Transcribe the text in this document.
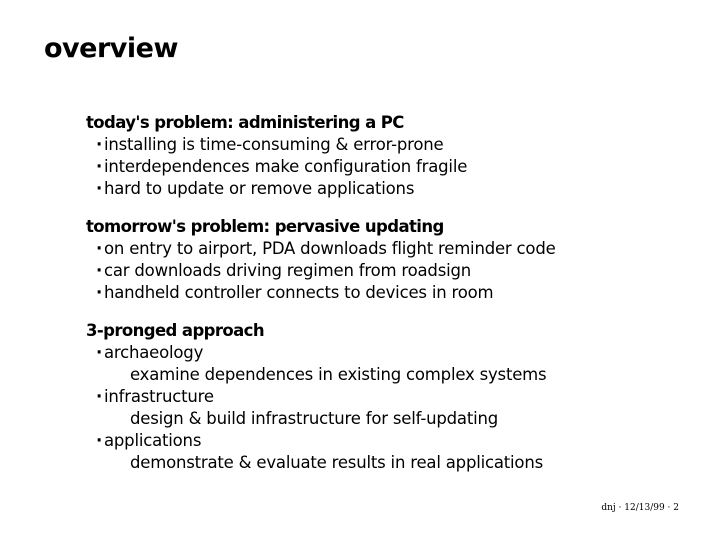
overview
today's problem: administering a PC
· installing is time-consuming & error-prone
· interdependences make configuration fragile
· hard to update or remove applications
tomorrow's problem: pervasive updating
· on entry to airport, PDA downloads flight reminder code
· car downloads driving regimen from roadsign
· handheld controller connects to devices in room
3-pronged approach
· archaeology
examine dependences in existing complex systems
· infrastructure
design & build infrastructure for self-updating
· applications
demonstrate & evaluate results in real applications
dnj · 12/13/99 · 2
